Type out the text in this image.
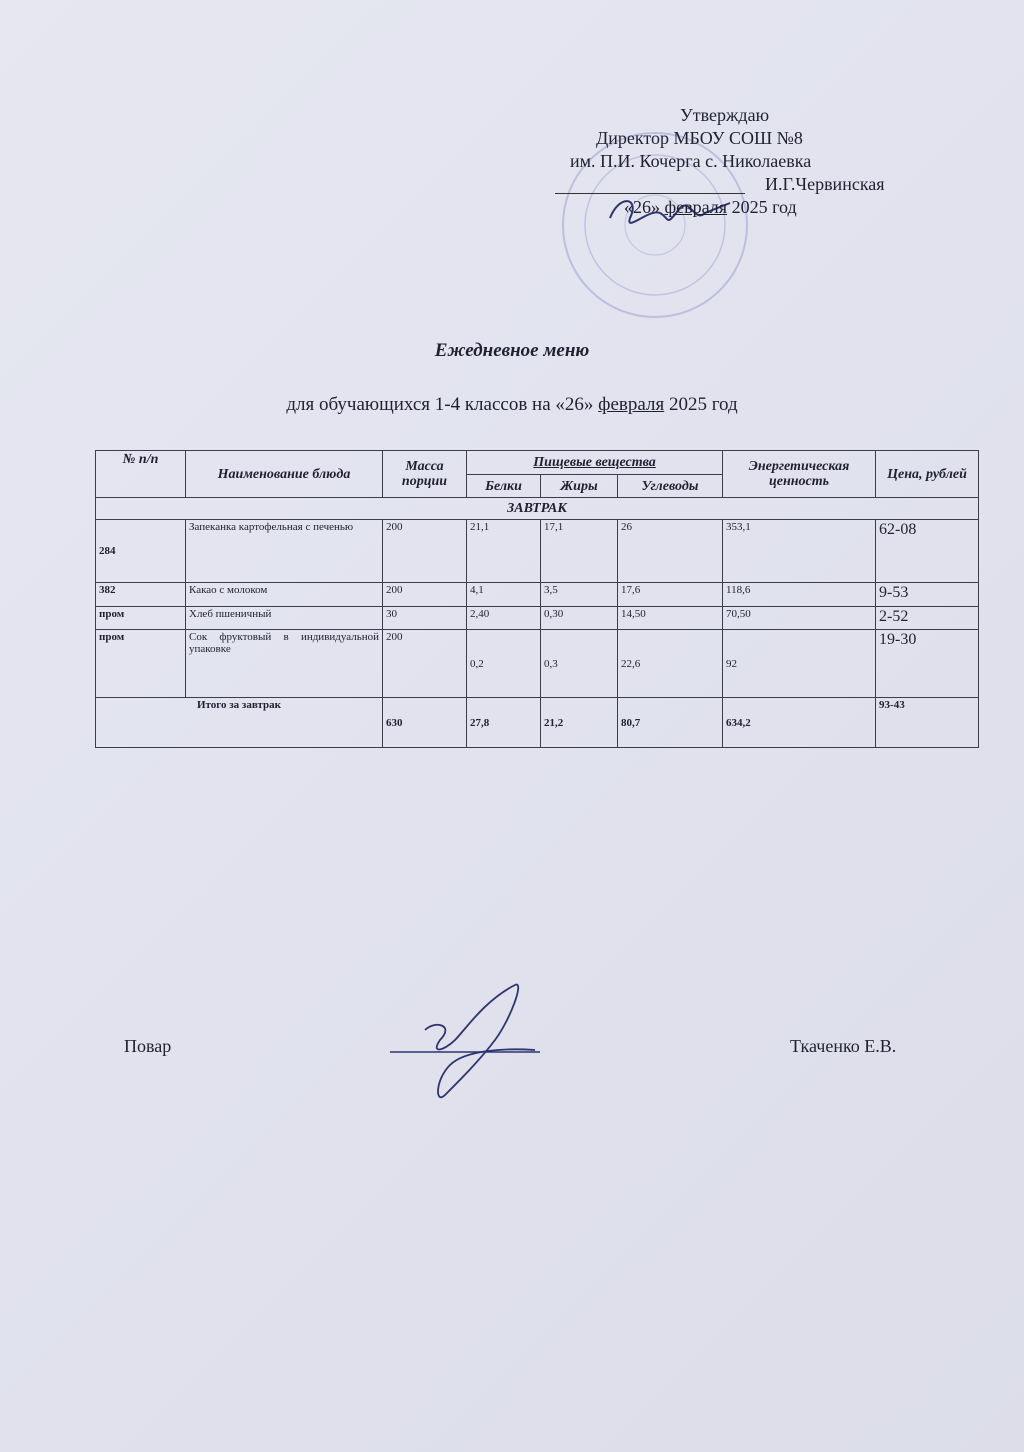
Утверждаю
Директор МБОУ СОШ №8
им. П.И. Кочерга с. Николаевка
И.Г.Червинская
«26» февраля 2025 год
Ежедневное меню
для обучающихся 1-4 классов на «26» февраля 2025 год
№ п/п	Наименование блюда	Масса порции	Пищевые вещества			Энергетическая ценность	Цена, рублей
			Белки	Жиры	Углеводы		
ЗАВТРАК							
284	Запеканка картофельная с печенью	200	21,1	17,1	26	353,1	62-08
382	Какао с молоком	200	4,1	3,5	17,6	118,6	9-53
пром	Хлеб пшеничный	30	2,40	0,30	14,50	70,50	2-52
пром	Сок фруктовый в индивидуальной упаковке	200	0,2	0,3	22,6	92	19-30
Итого за завтрак		630	27,8	21,2	80,7	634,2	93-43
Повар	Ткаченко Е.В.
